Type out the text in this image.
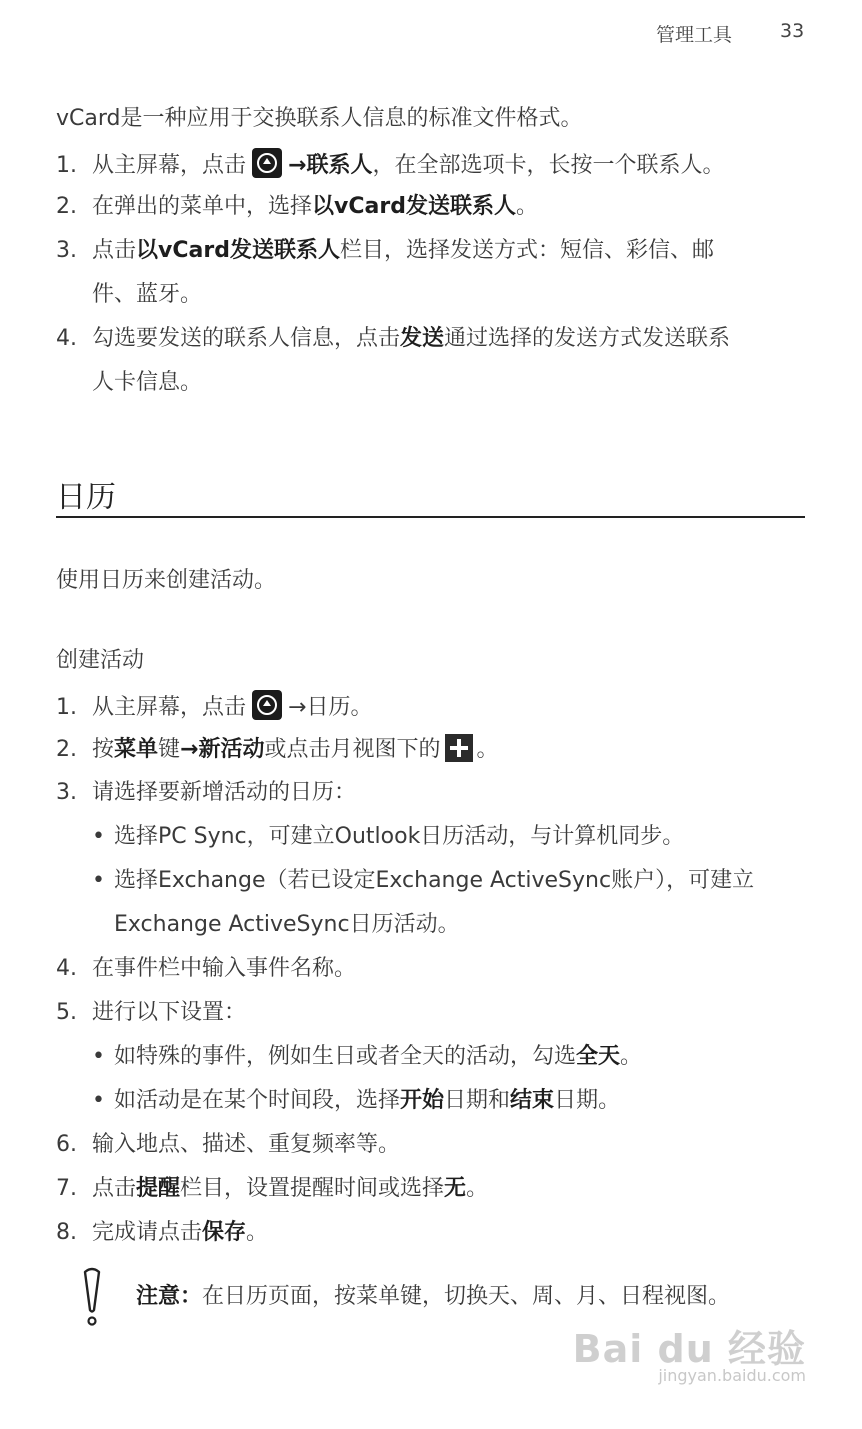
管理工具	33
vCard是一种应用于交换联系人信息的标准文件格式。
1. 从主屏幕，点击 →联系人，在全部选项卡，长按一个联系人。
2. 在弹出的菜单中，选择以vCard发送联系人。
3. 点击以vCard发送联系人栏目，选择发送方式：短信、彩信、邮
件、蓝牙。
4. 勾选要发送的联系人信息，点击发送通过选择的发送方式发送联系
人卡信息。
日历
使用日历来创建活动。
创建活动
1. 从主屏幕，点击 →日历。
2. 按菜单键→新活动或点击月视图下的 。
3. 请选择要新增活动的日历：
• 选择PC Sync，可建立Outlook日历活动，与计算机同步。
• 选择Exchange（若已设定Exchange ActiveSync账户），可建立
Exchange ActiveSync日历活动。
4. 在事件栏中输入事件名称。
5. 进行以下设置：
• 如特殊的事件，例如生日或者全天的活动，勾选全天。
• 如活动是在某个时间段，选择开始日期和结束日期。
6. 输入地点、描述、重复频率等。
7. 点击提醒栏目，设置提醒时间或选择无。
8. 完成请点击保存。
注意：在日历页面，按菜单键，切换天、周、月、日程视图。
Bai du 经验
jingyan.baidu.com
